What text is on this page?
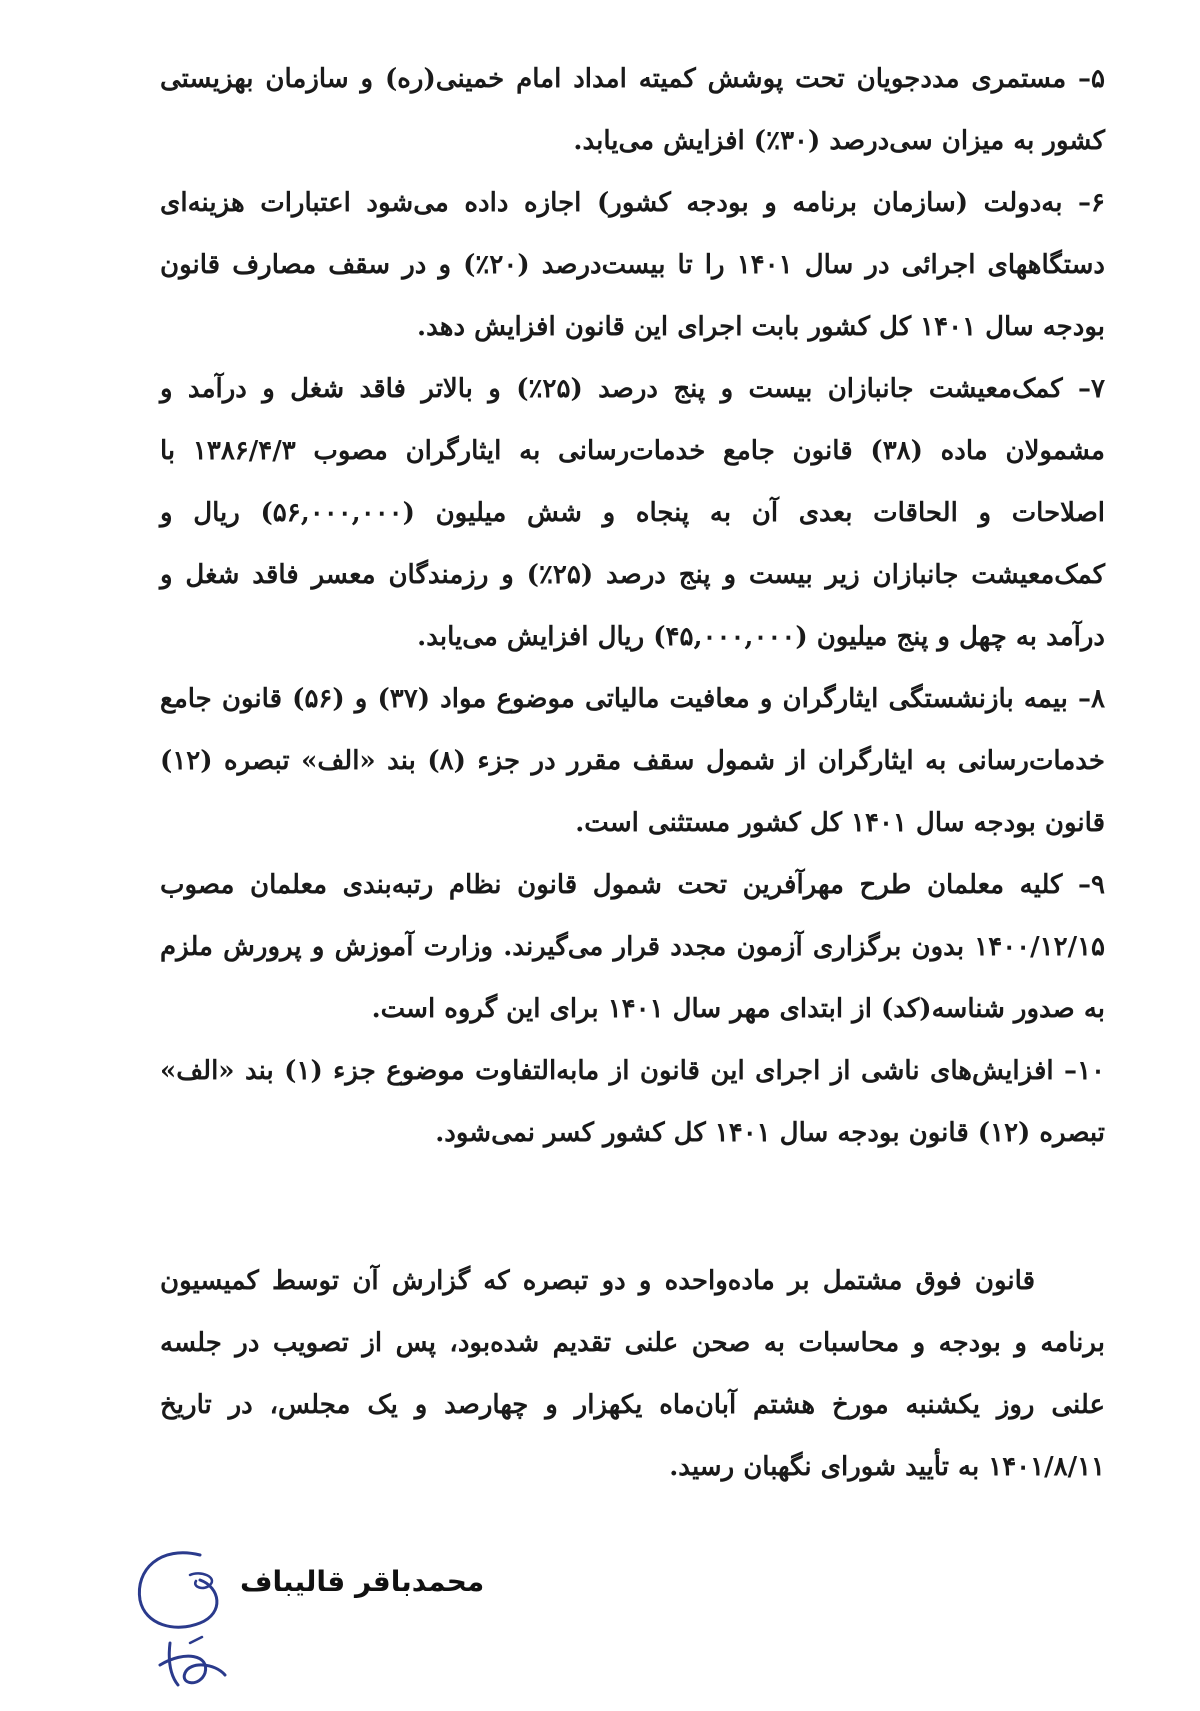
۵– مستمری مددجویان تحت پوشش کمیته امداد امام خمینی(ره) و سازمان بهزیستی کشور به میزان سی‌درصد (۳۰٪) افزایش می‌یابد.

۶– به‌دولت (سازمان برنامه و بودجه کشور) اجازه داده می‌شود اعتبارات هزینه‌ای دستگاههای اجرائی در سال ۱۴۰۱ را تا بیست‌درصد (۲۰٪) و در سقف مصارف قانون بودجه سال ۱۴۰۱ کل کشور بابت اجرای این قانون افزایش دهد.

۷– کمک‌معیشت جانبازان بیست و پنج درصد (۲۵٪) و بالاتر فاقد شغل و درآمد و مشمولان ماده (۳۸) قانون جامع خدمات‌رسانی به ایثارگران مصوب ۱۳۸۶/۴/۳ با اصلاحات و الحاقات بعدی آن به پنجاه و شش میلیون (۵۶,۰۰۰,۰۰۰) ریال و کمک‌معیشت جانبازان زیر بیست و پنج درصد (۲۵٪) و رزمندگان معسر فاقد شغل و درآمد به چهل و پنج میلیون (۴۵,۰۰۰,۰۰۰) ریال افزایش می‌یابد.

۸– بیمه بازنشستگی ایثارگران و معافیت مالیاتی موضوع مواد (۳۷) و (۵۶) قانون جامع خدمات‌رسانی به ایثارگران از شمول سقف مقرر در جزء (۸) بند «الف» تبصره (۱۲) قانون بودجه سال ۱۴۰۱ کل کشور مستثنی است.

۹– کلیه معلمان طرح مهرآفرین تحت شمول قانون نظام رتبه‌بندی معلمان مصوب ۱۴۰۰/۱۲/۱۵ بدون برگزاری آزمون مجدد قرار می‌گیرند. وزارت آموزش و پرورش ملزم به صدور شناسه(کد) از ابتدای مهر سال ۱۴۰۱ برای این گروه است.

۱۰– افزایش‌های ناشی از اجرای این قانون از مابه‌التفاوت موضوع جزء (۱) بند «الف» تبصره (۱۲) قانون بودجه سال ۱۴۰۱ کل کشور کسر نمی‌شود.

قانون فوق مشتمل بر ماده‌واحده و دو تبصره که گزارش آن توسط کمیسیون برنامه و بودجه و محاسبات به صحن علنی تقدیم شده‌بود، پس از تصویب در جلسه علنی روز یکشنبه مورخ هشتم آبان‌ماه یکهزار و چهارصد و یک مجلس، در تاریخ ۱۴۰۱/۸/۱۱ به تأیید شورای نگهبان رسید.

محمدباقر قالیباف
